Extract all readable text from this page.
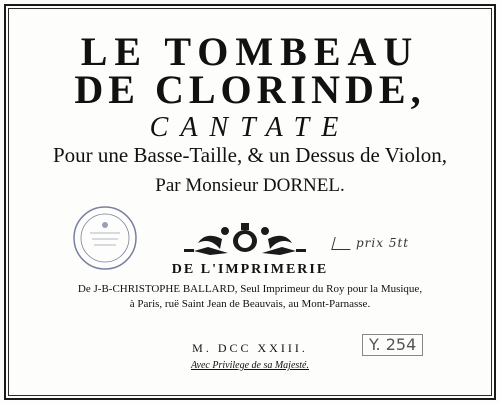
LE TOMBEAU
DE CLORINDE,
CANTATE
Pour une Basse-Taille, & un Dessus de Violon,
Par Monsieur DORNEL.
prix 5tt
DE L'IMPRIMERIE
De J-B-CHRISTOPHE BALLARD, Seul Imprimeur du Roy pour la Musique,
à Paris, ruë Saint Jean de Beauvais, au Mont-Parnasse.
M. DCC XXIII.
Avec Privilege de sa Majesté.
Y. 254
